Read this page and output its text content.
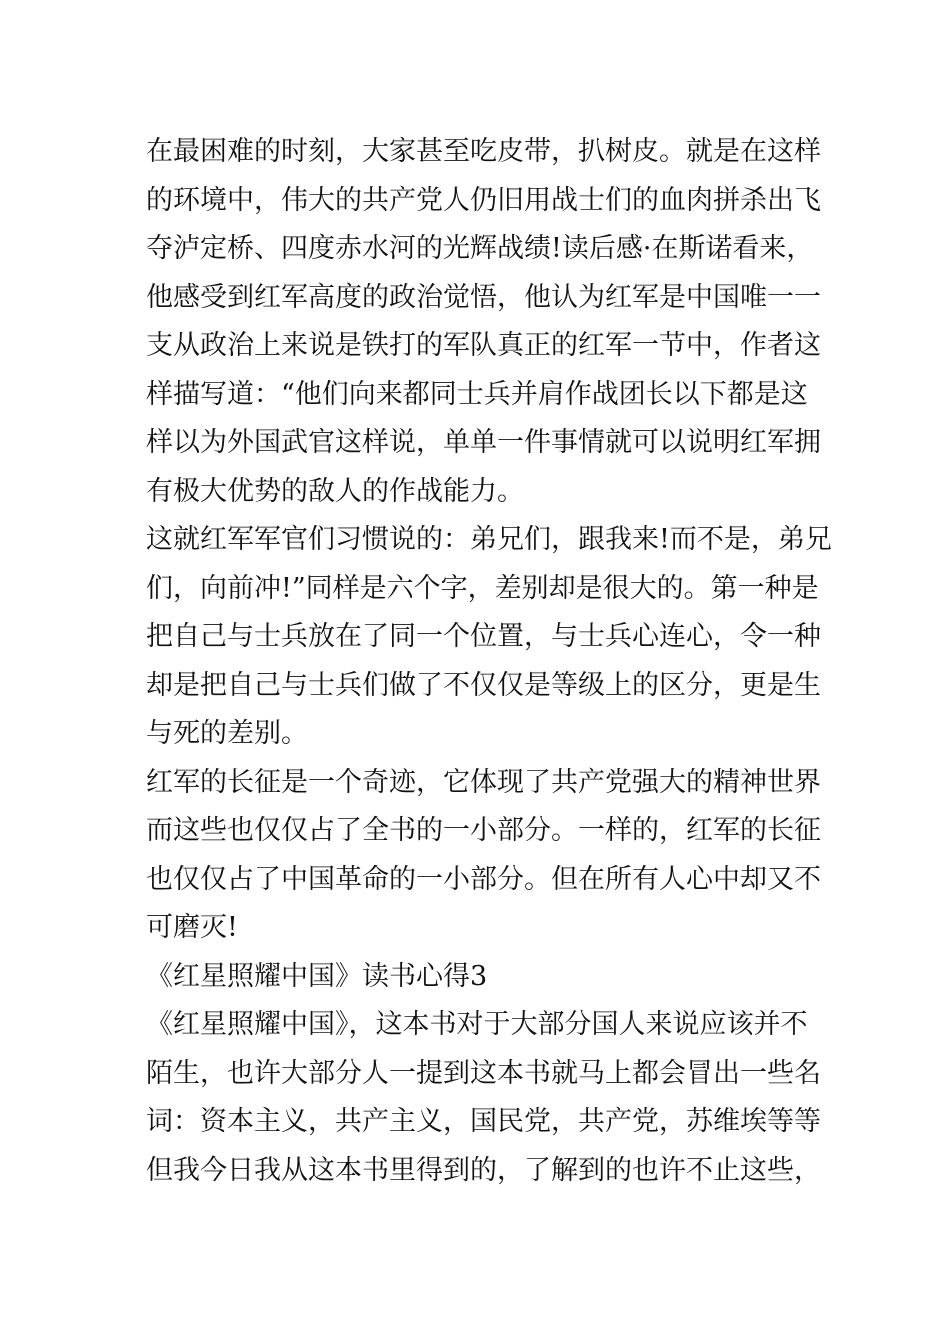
在最困难的时刻，大家甚至吃皮带，扒树皮。就是在这样
的环境中，伟大的共产党人仍旧用战士们的血肉拼杀出飞
夺泸定桥、四度赤水河的光辉战绩!读后感·在斯诺看来，
他感受到红军高度的政治觉悟，他认为红军是中国唯一一
支从政治上来说是铁打的军队真正的红军一节中，作者这
样描写道：“他们向来都同士兵并肩作战团长以下都是这
样以为外国武官这样说，单单一件事情就可以说明红军拥
有极大优势的敌人的作战能力。
这就红军军官们习惯说的：弟兄们，跟我来!而不是，弟兄
们，向前冲!”同样是六个字，差别却是很大的。第一种是
把自己与士兵放在了同一个位置，与士兵心连心，令一种
却是把自己与士兵们做了不仅仅是等级上的区分，更是生
与死的差别。
红军的长征是一个奇迹，它体现了共产党强大的精神世界
而这些也仅仅占了全书的一小部分。一样的，红军的长征
也仅仅占了中国革命的一小部分。但在所有人心中却又不
可磨灭!
《红星照耀中国》读书心得3
《红星照耀中国》，这本书对于大部分国人来说应该并不
陌生，也许大部分人一提到这本书就马上都会冒出一些名
词：资本主义，共产主义，国民党，共产党，苏维埃等等
但我今日我从这本书里得到的，了解到的也许不止这些，
